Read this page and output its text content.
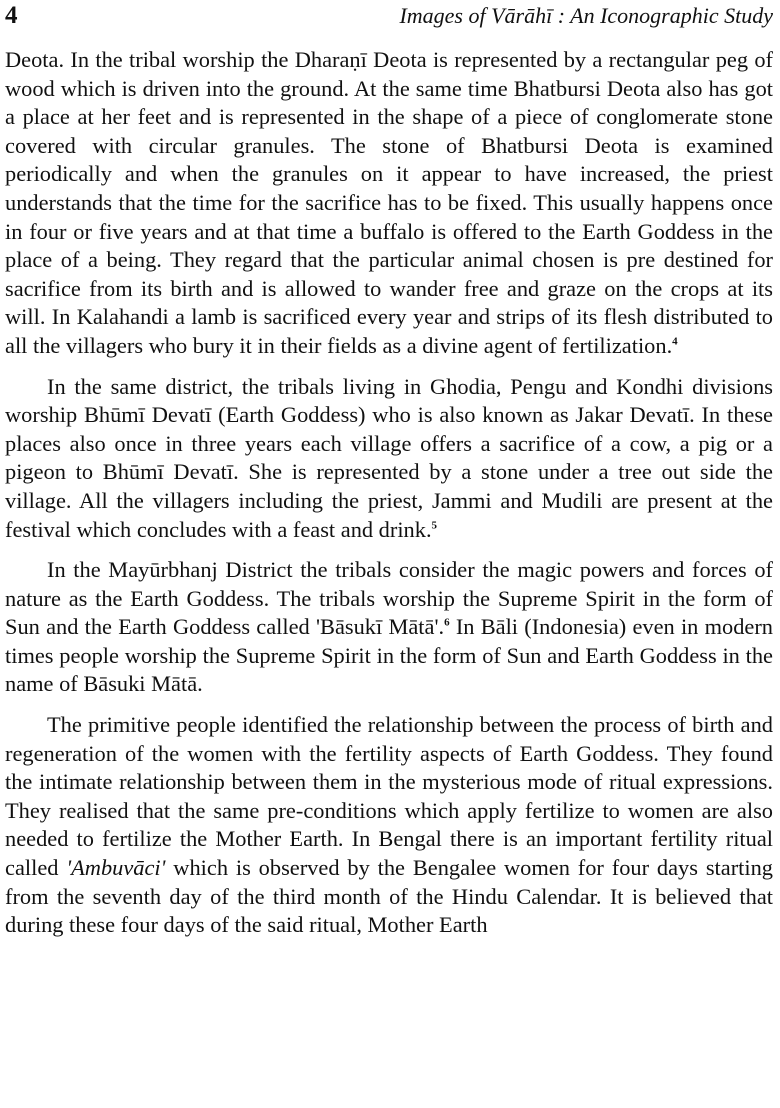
4	Images of Vārāhī : An Iconographic Study

Deota. In the tribal worship the Dharaṇī Deota is represented by a rectangular peg of wood which is driven into the ground. At the same time Bhatbursi Deota also has got a place at her feet and is represented in the shape of a piece of conglomerate stone covered with circular granules. The stone of Bhatbursi Deota is examined periodically and when the granules on it appear to have increased, the priest understands that the time for the sacrifice has to be fixed. This usually happens once in four or five years and at that time a buffalo is offered to the Earth Goddess in the place of a being. They regard that the particular animal chosen is pre destined for sacrifice from its birth and is allowed to wander free and graze on the crops at its will. In Kalahandi a lamb is sacrificed every year and strips of its flesh distributed to all the villagers who bury it in their fields as a divine agent of fertilization.$^4$

In the same district, the tribals living in Ghodia, Pengu and Kondhi divisions worship Bhūmī Devatī (Earth Goddess) who is also known as Jakar Devatī. In these places also once in three years each village offers a sacrifice of a cow, a pig or a pigeon to Bhūmī Devatī. She is represented by a stone under a tree out side the village. All the villagers including the priest, Jammi and Mudili are present at the festival which concludes with a feast and drink.$^5$

In the Mayūrbhanj District the tribals consider the magic powers and forces of nature as the Earth Goddess. The tribals worship the Supreme Spirit in the form of Sun and the Earth Goddess called 'Bāsukī Mātā'.$^6$ In Bāli (Indonesia) even in modern times people worship the Supreme Spirit in the form of Sun and Earth Goddess in the name of Bāsuki Mātā.

The primitive people identified the relationship between the process of birth and regeneration of the women with the fertility aspects of Earth Goddess. They found the intimate relationship between them in the mysterious mode of ritual expressions. They realised that the same pre-conditions which apply fertilize to women are also needed to fertilize the Mother Earth. In Bengal there is an important fertility ritual called 'Ambuvāci' which is observed by the Bengalee women for four days starting from the seventh day of the third month of the Hindu Calendar. It is believed that during these four days of the said ritual, Mother Earth
